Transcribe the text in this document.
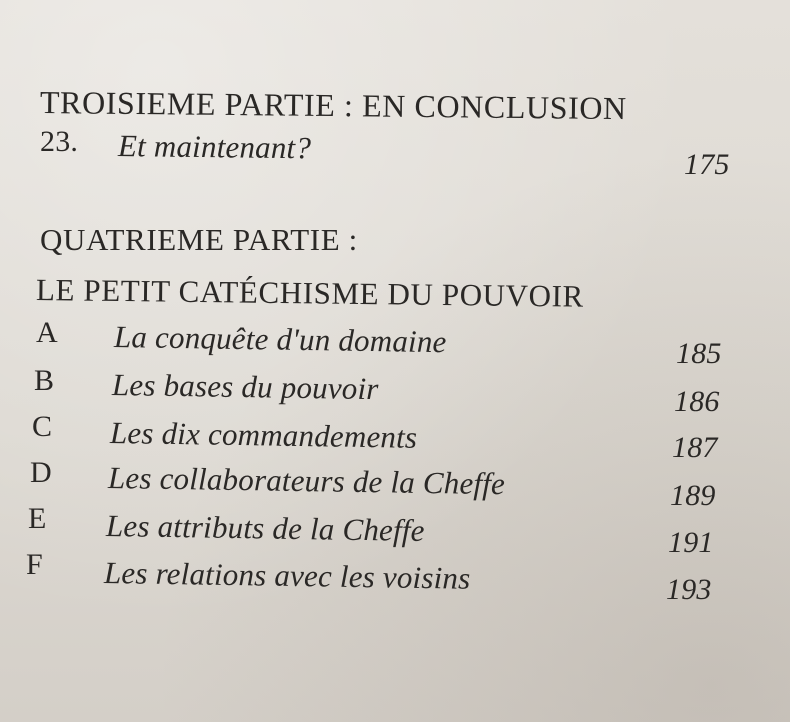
TROISIEME PARTIE : EN CONCLUSION
23. Et maintenant?	175
QUATRIEME PARTIE :
LE PETIT CATÉCHISME DU POUVOIR
A La conquête d'un domaine	185
B Les bases du pouvoir	186
C Les dix commandements	187
D Les collaborateurs de la Cheffe	189
E Les attributs de la Cheffe	191
F Les relations avec les voisins	193
